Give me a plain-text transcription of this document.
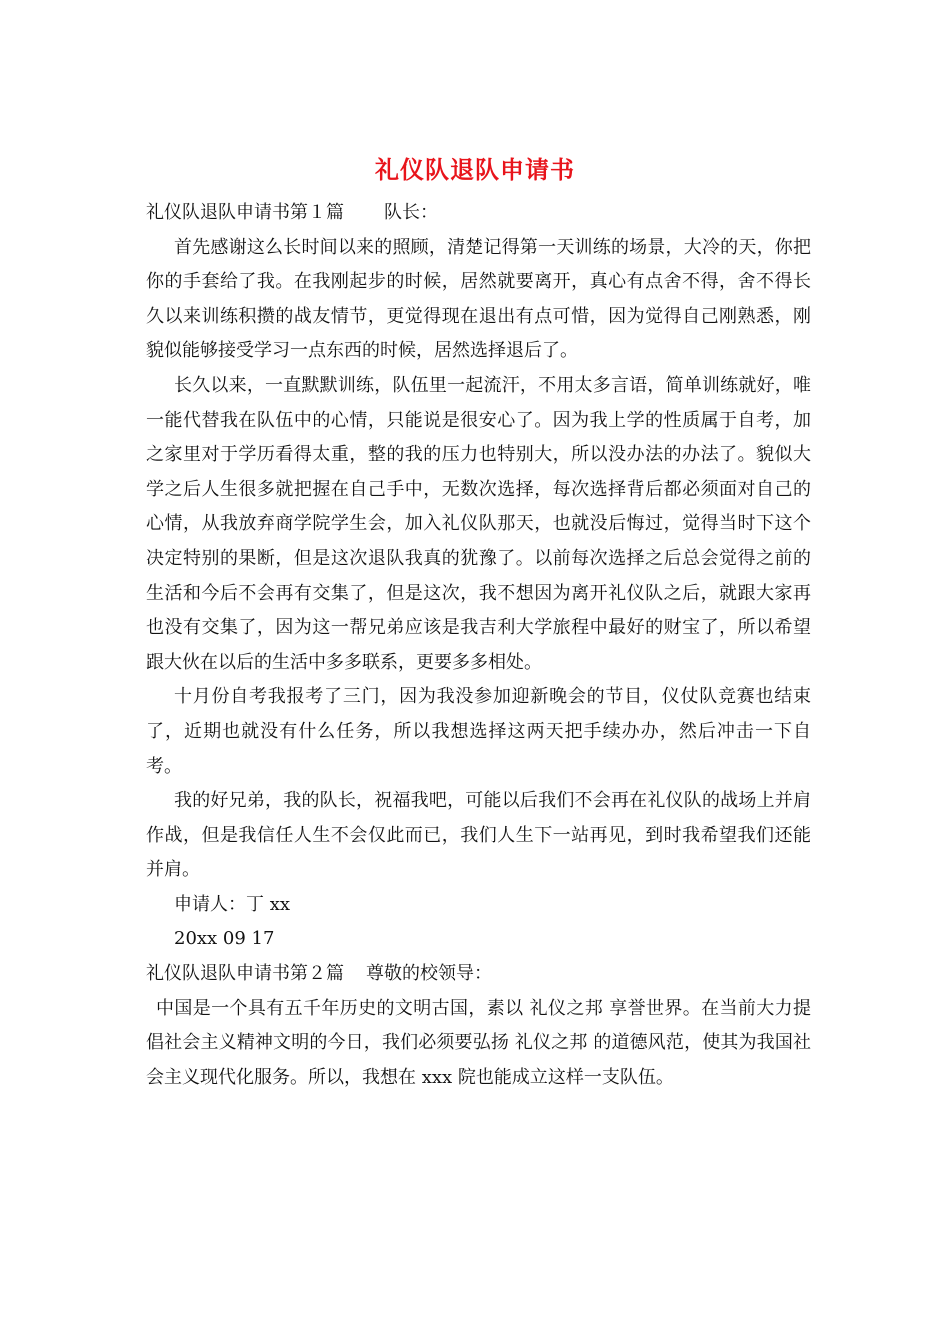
礼仪队退队申请书

礼仪队退队申请书第１篇 队长：

首先感谢这么长时间以来的照顾，清楚记得第一天训练的场景，大冷的天，你把你的手套给了我。在我刚起步的时候，居然就要离开，真心有点舍不得，舍不得长久以来训练积攒的战友情节，更觉得现在退出有点可惜，因为觉得自己刚熟悉，刚貌似能够接受学习一点东西的时候，居然选择退后了。

长久以来，一直默默训练，队伍里一起流汗，不用太多言语，简单训练就好，唯一能代替我在队伍中的心情，只能说是很安心了。因为我上学的性质属于自考，加之家里对于学历看得太重，整的我的压力也特别大，所以没办法的办法了。貌似大学之后人生很多就把握在自己手中，无数次选择，每次选择背后都必须面对自己的心情，从我放弃商学院学生会，加入礼仪队那天，也就没后悔过，觉得当时下这个决定特别的果断，但是这次退队我真的犹豫了。以前每次选择之后总会觉得之前的生活和今后不会再有交集了，但是这次，我不想因为离开礼仪队之后，就跟大家再也没有交集了，因为这一帮兄弟应该是我吉利大学旅程中最好的财宝了，所以希望跟大伙在以后的生活中多多联系，更要多多相处。

十月份自考我报考了三门，因为我没参加迎新晚会的节目，仪仗队竞赛也结束了，近期也就没有什么任务，所以我想选择这两天把手续办办，然后冲击一下自考。

我的好兄弟，我的队长，祝福我吧，可能以后我们不会再在礼仪队的战场上并肩作战，但是我信任人生不会仅此而已，我们人生下一站再见，到时我希望我们还能并肩。

申请人：丁 xx

20xx 09 17

礼仪队退队申请书第２篇 尊敬的校领导：

中国是一个具有五千年历史的文明古国，素以 礼仪之邦 享誉世界。在当前大力提倡社会主义精神文明的今日，我们必须要弘扬 礼仪之邦 的道德风范，使其为我国社会主义现代化服务。所以，我想在 xxx 院也能成立这样一支队伍。
